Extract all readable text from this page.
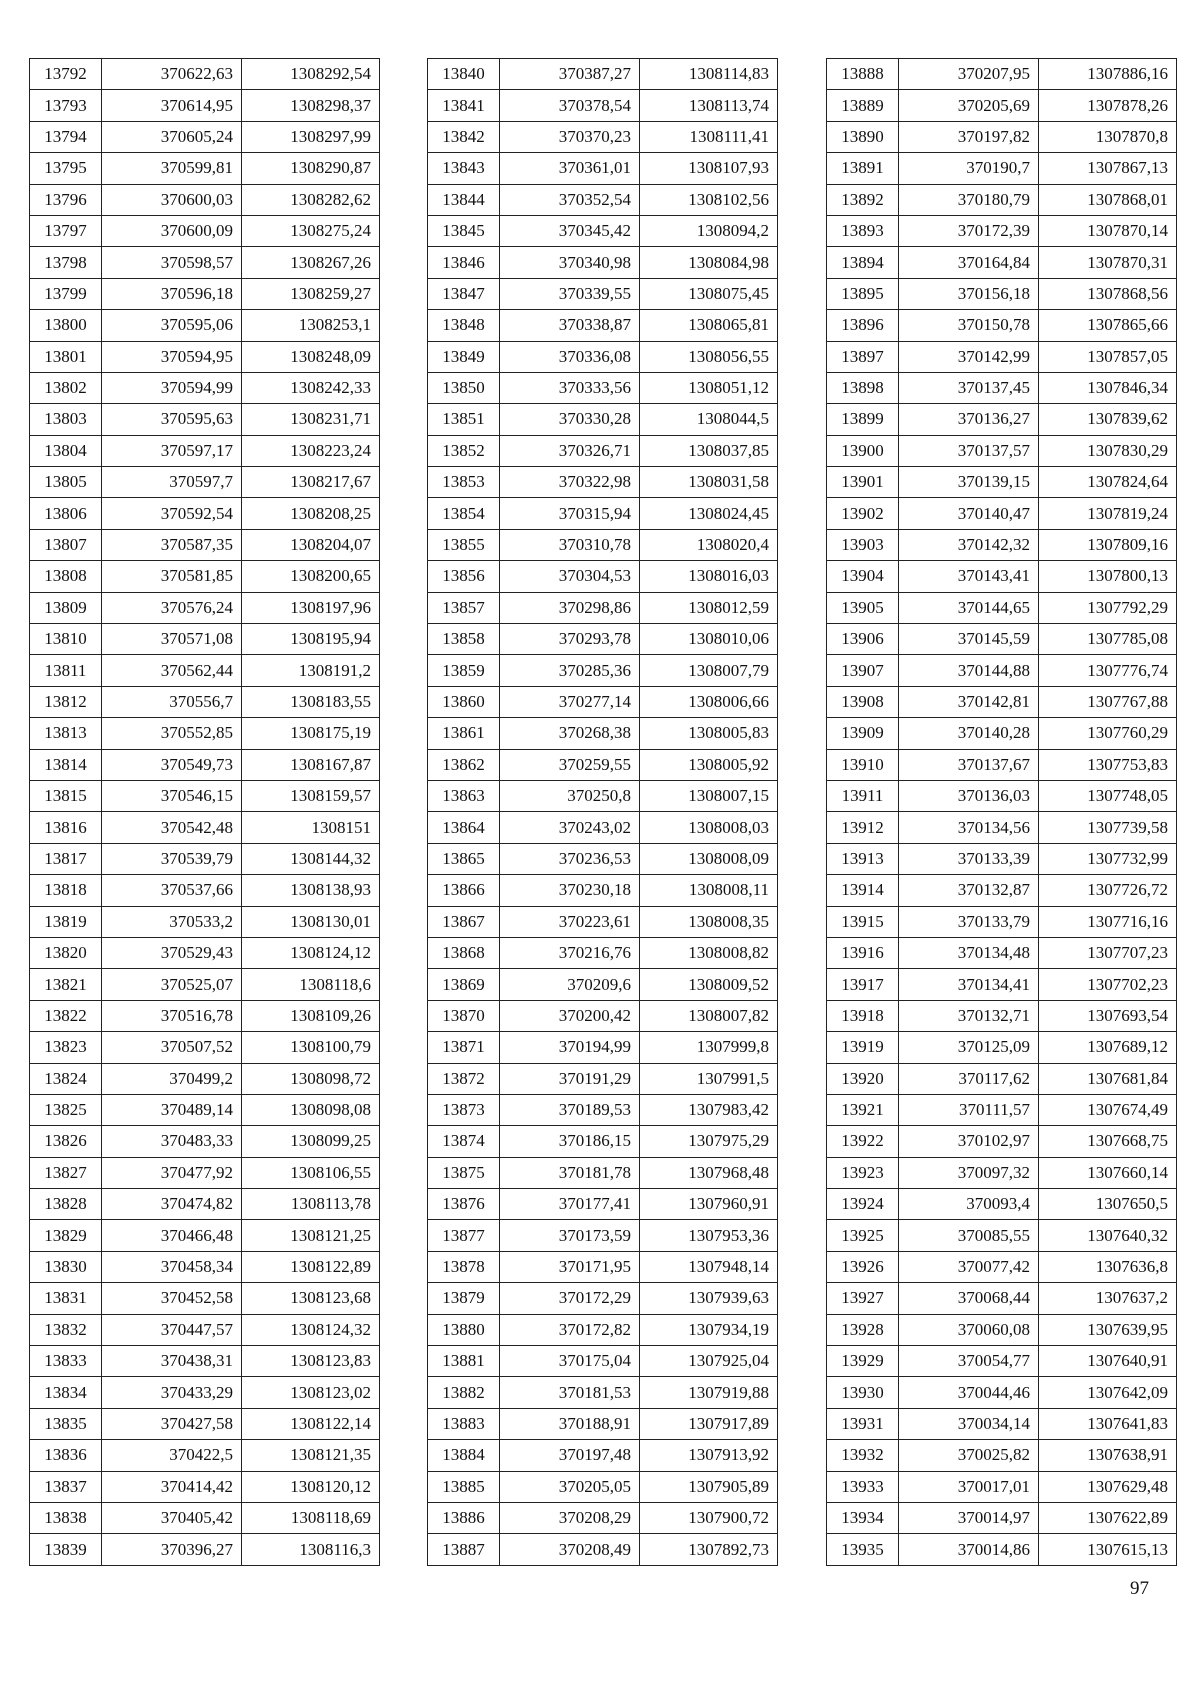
13792	370622,63	1308292,54
13793	370614,95	1308298,37
13794	370605,24	1308297,99
13795	370599,81	1308290,87
13796	370600,03	1308282,62
13797	370600,09	1308275,24
13798	370598,57	1308267,26
13799	370596,18	1308259,27
13800	370595,06	1308253,1
13801	370594,95	1308248,09
13802	370594,99	1308242,33
13803	370595,63	1308231,71
13804	370597,17	1308223,24
13805	370597,7	1308217,67
13806	370592,54	1308208,25
13807	370587,35	1308204,07
13808	370581,85	1308200,65
13809	370576,24	1308197,96
13810	370571,08	1308195,94
13811	370562,44	1308191,2
13812	370556,7	1308183,55
13813	370552,85	1308175,19
13814	370549,73	1308167,87
13815	370546,15	1308159,57
13816	370542,48	1308151
13817	370539,79	1308144,32
13818	370537,66	1308138,93
13819	370533,2	1308130,01
13820	370529,43	1308124,12
13821	370525,07	1308118,6
13822	370516,78	1308109,26
13823	370507,52	1308100,79
13824	370499,2	1308098,72
13825	370489,14	1308098,08
13826	370483,33	1308099,25
13827	370477,92	1308106,55
13828	370474,82	1308113,78
13829	370466,48	1308121,25
13830	370458,34	1308122,89
13831	370452,58	1308123,68
13832	370447,57	1308124,32
13833	370438,31	1308123,83
13834	370433,29	1308123,02
13835	370427,58	1308122,14
13836	370422,5	1308121,35
13837	370414,42	1308120,12
13838	370405,42	1308118,69
13839	370396,27	1308116,3
13840	370387,27	1308114,83
13841	370378,54	1308113,74
13842	370370,23	1308111,41
13843	370361,01	1308107,93
13844	370352,54	1308102,56
13845	370345,42	1308094,2
13846	370340,98	1308084,98
13847	370339,55	1308075,45
13848	370338,87	1308065,81
13849	370336,08	1308056,55
13850	370333,56	1308051,12
13851	370330,28	1308044,5
13852	370326,71	1308037,85
13853	370322,98	1308031,58
13854	370315,94	1308024,45
13855	370310,78	1308020,4
13856	370304,53	1308016,03
13857	370298,86	1308012,59
13858	370293,78	1308010,06
13859	370285,36	1308007,79
13860	370277,14	1308006,66
13861	370268,38	1308005,83
13862	370259,55	1308005,92
13863	370250,8	1308007,15
13864	370243,02	1308008,03
13865	370236,53	1308008,09
13866	370230,18	1308008,11
13867	370223,61	1308008,35
13868	370216,76	1308008,82
13869	370209,6	1308009,52
13870	370200,42	1308007,82
13871	370194,99	1307999,8
13872	370191,29	1307991,5
13873	370189,53	1307983,42
13874	370186,15	1307975,29
13875	370181,78	1307968,48
13876	370177,41	1307960,91
13877	370173,59	1307953,36
13878	370171,95	1307948,14
13879	370172,29	1307939,63
13880	370172,82	1307934,19
13881	370175,04	1307925,04
13882	370181,53	1307919,88
13883	370188,91	1307917,89
13884	370197,48	1307913,92
13885	370205,05	1307905,89
13886	370208,29	1307900,72
13887	370208,49	1307892,73
13888	370207,95	1307886,16
13889	370205,69	1307878,26
13890	370197,82	1307870,8
13891	370190,7	1307867,13
13892	370180,79	1307868,01
13893	370172,39	1307870,14
13894	370164,84	1307870,31
13895	370156,18	1307868,56
13896	370150,78	1307865,66
13897	370142,99	1307857,05
13898	370137,45	1307846,34
13899	370136,27	1307839,62
13900	370137,57	1307830,29
13901	370139,15	1307824,64
13902	370140,47	1307819,24
13903	370142,32	1307809,16
13904	370143,41	1307800,13
13905	370144,65	1307792,29
13906	370145,59	1307785,08
13907	370144,88	1307776,74
13908	370142,81	1307767,88
13909	370140,28	1307760,29
13910	370137,67	1307753,83
13911	370136,03	1307748,05
13912	370134,56	1307739,58
13913	370133,39	1307732,99
13914	370132,87	1307726,72
13915	370133,79	1307716,16
13916	370134,48	1307707,23
13917	370134,41	1307702,23
13918	370132,71	1307693,54
13919	370125,09	1307689,12
13920	370117,62	1307681,84
13921	370111,57	1307674,49
13922	370102,97	1307668,75
13923	370097,32	1307660,14
13924	370093,4	1307650,5
13925	370085,55	1307640,32
13926	370077,42	1307636,8
13927	370068,44	1307637,2
13928	370060,08	1307639,95
13929	370054,77	1307640,91
13930	370044,46	1307642,09
13931	370034,14	1307641,83
13932	370025,82	1307638,91
13933	370017,01	1307629,48
13934	370014,97	1307622,89
13935	370014,86	1307615,13
97
